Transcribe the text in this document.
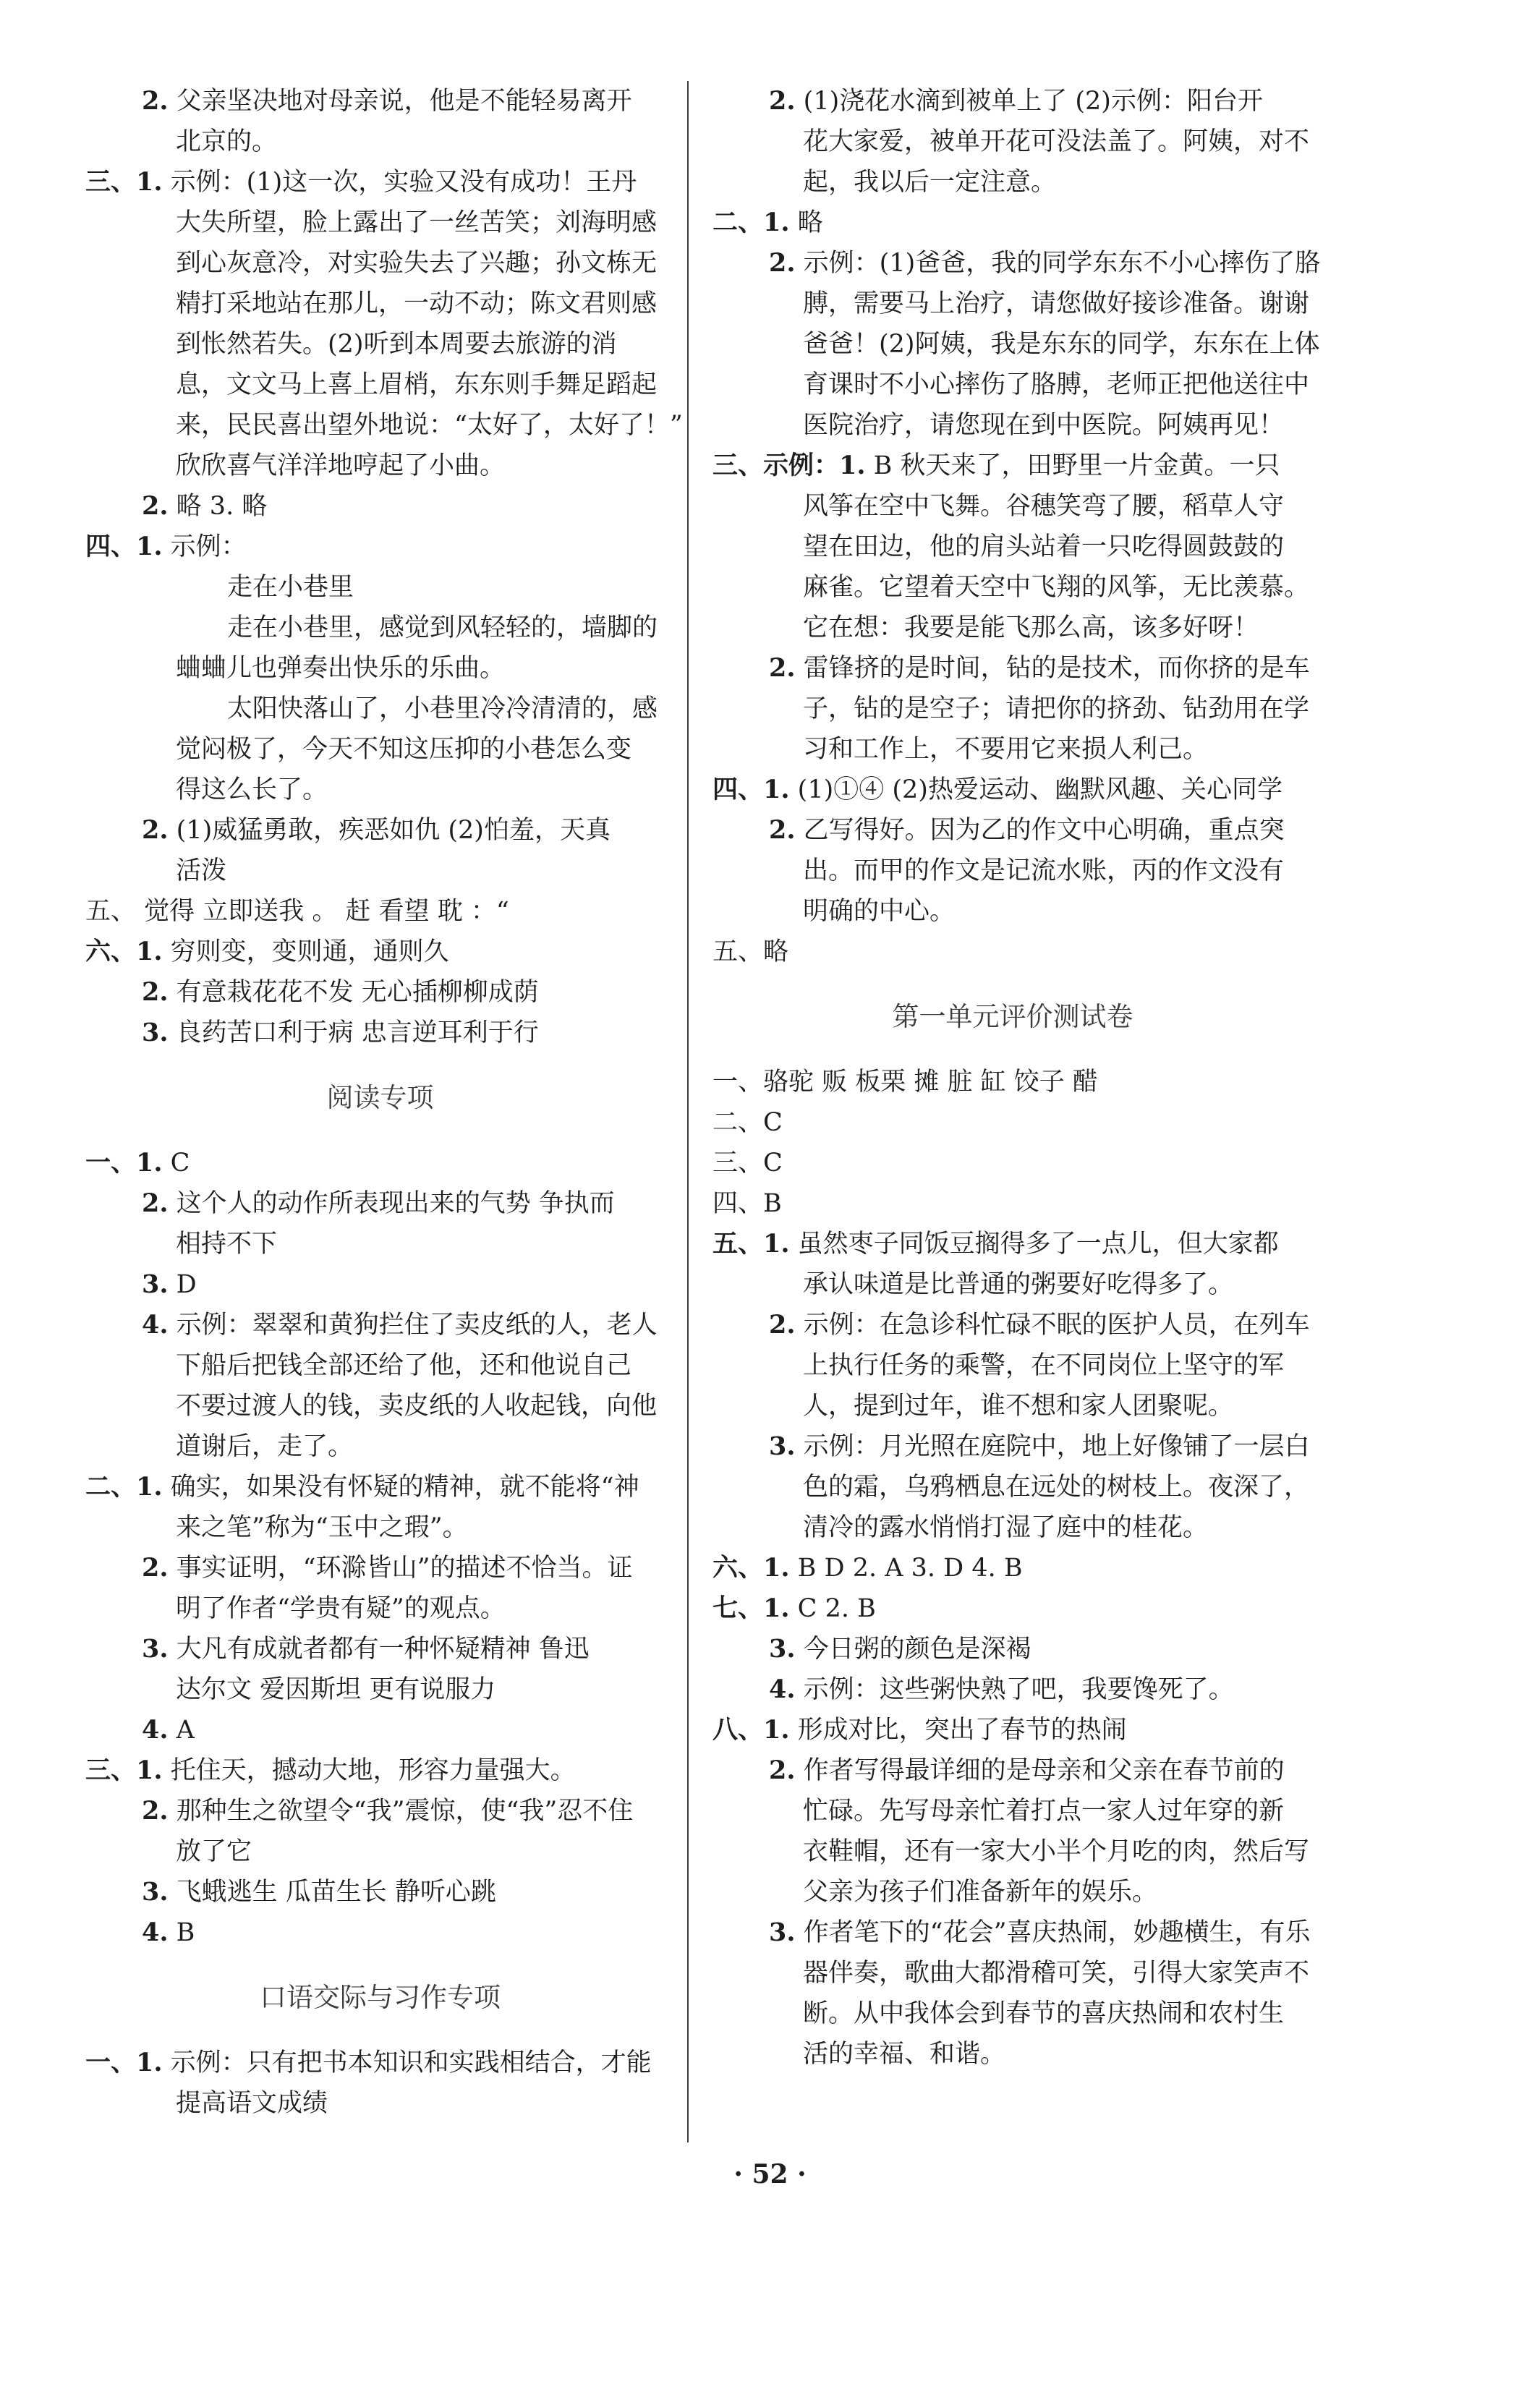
2. 父亲坚决地对母亲说，他是不能轻易离开
北京的。
三、1. 示例：(1)这一次，实验又没有成功！王丹
大失所望，脸上露出了一丝苦笑；刘海明感
到心灰意冷，对实验失去了兴趣；孙文栋无
精打采地站在那儿，一动不动；陈文君则感
到怅然若失。(2)听到本周要去旅游的消
息，文文马上喜上眉梢，东东则手舞足蹈起
来，民民喜出望外地说：“太好了，太好了！”
欣欣喜气洋洋地哼起了小曲。
2. 略 3. 略
四、1. 示例：
走在小巷里
走在小巷里，感觉到风轻轻的，墙脚的
蛐蛐儿也弹奏出快乐的乐曲。
太阳快落山了，小巷里冷冷清清的，感
觉闷极了，今天不知这压抑的小巷怎么变
得这么长了。
2. (1)威猛勇敢，疾恶如仇 (2)怕羞，天真
活泼
五、 觉得 立即送我 。 赶 看望 耽 ：“
六、1. 穷则变，变则通，通则久
2. 有意栽花花不发 无心插柳柳成荫
3. 良药苦口利于病 忠言逆耳利于行
阅读专项
一、1. C
2. 这个人的动作所表现出来的气势 争执而
相持不下
3. D
4. 示例：翠翠和黄狗拦住了卖皮纸的人，老人
下船后把钱全部还给了他，还和他说自己
不要过渡人的钱，卖皮纸的人收起钱，向他
道谢后，走了。
二、1. 确实，如果没有怀疑的精神，就不能将“神
来之笔”称为“玉中之瑕”。
2. 事实证明，“环滁皆山”的描述不恰当。证
明了作者“学贵有疑”的观点。
3. 大凡有成就者都有一种怀疑精神 鲁迅
达尔文 爱因斯坦 更有说服力
4. A
三、1. 托住天，撼动大地，形容力量强大。
2. 那种生之欲望令“我”震惊，使“我”忍不住
放了它
3. 飞蛾逃生 瓜苗生长 静听心跳
4. B
口语交际与习作专项
一、1. 示例：只有把书本知识和实践相结合，才能
提高语文成绩
2. (1)浇花水滴到被单上了 (2)示例：阳台开
花大家爱，被单开花可没法盖了。阿姨，对不
起，我以后一定注意。
二、1. 略
2. 示例：(1)爸爸，我的同学东东不小心摔伤了胳
膊，需要马上治疗，请您做好接诊准备。谢谢
爸爸！(2)阿姨，我是东东的同学，东东在上体
育课时不小心摔伤了胳膊，老师正把他送往中
医院治疗，请您现在到中医院。阿姨再见！
三、示例：1. B 秋天来了，田野里一片金黄。一只
风筝在空中飞舞。谷穗笑弯了腰，稻草人守
望在田边，他的肩头站着一只吃得圆鼓鼓的
麻雀。它望着天空中飞翔的风筝，无比羡慕。
它在想：我要是能飞那么高，该多好呀！
2. 雷锋挤的是时间，钻的是技术，而你挤的是车
子，钻的是空子；请把你的挤劲、钻劲用在学
习和工作上，不要用它来损人利己。
四、1. (1)①④ (2)热爱运动、幽默风趣、关心同学
2. 乙写得好。因为乙的作文中心明确，重点突
出。而甲的作文是记流水账，丙的作文没有
明确的中心。
五、略
第一单元评价测试卷
一、骆驼 贩 板栗 摊 脏 缸 饺子 醋
二、C
三、C
四、B
五、1. 虽然枣子同饭豆搁得多了一点儿，但大家都
承认味道是比普通的粥要好吃得多了。
2. 示例：在急诊科忙碌不眠的医护人员，在列车
上执行任务的乘警，在不同岗位上坚守的军
人，提到过年，谁不想和家人团聚呢。
3. 示例：月光照在庭院中，地上好像铺了一层白
色的霜，乌鸦栖息在远处的树枝上。夜深了，
清冷的露水悄悄打湿了庭中的桂花。
六、1. B D 2. A 3. D 4. B
七、1. C 2. B
3. 今日粥的颜色是深褐
4. 示例：这些粥快熟了吧，我要馋死了。
八、1. 形成对比，突出了春节的热闹
2. 作者写得最详细的是母亲和父亲在春节前的
忙碌。先写母亲忙着打点一家人过年穿的新
衣鞋帽，还有一家大小半个月吃的肉，然后写
父亲为孩子们准备新年的娱乐。
3. 作者笔下的“花会”喜庆热闹，妙趣横生，有乐
器伴奏，歌曲大都滑稽可笑，引得大家笑声不
断。从中我体会到春节的喜庆热闹和农村生
活的幸福、和谐。
· 52 ·
